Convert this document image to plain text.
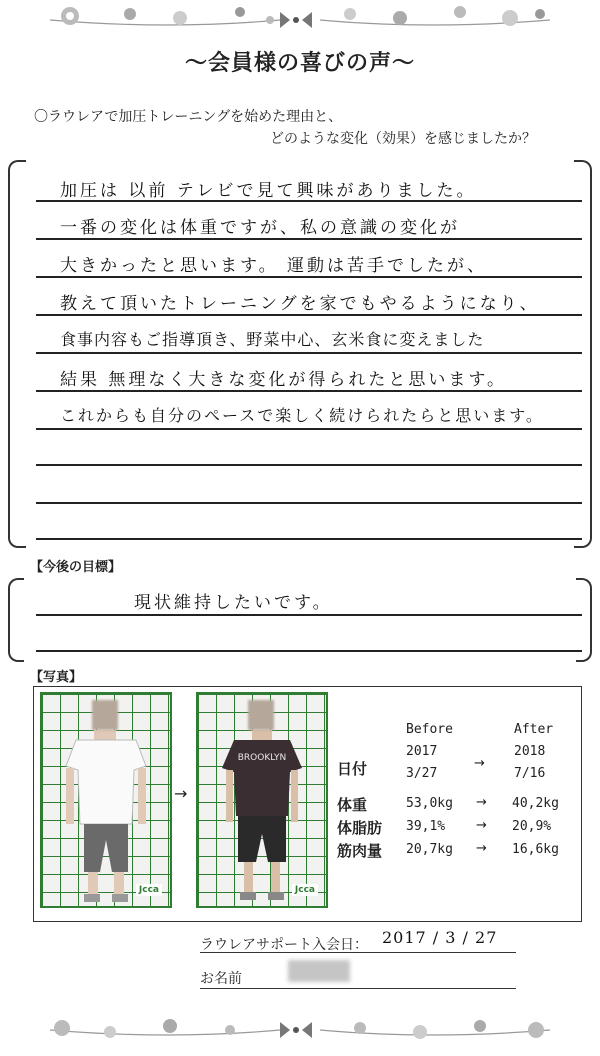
〜会員様の喜びの声〜
〇ラウレアで加圧トレーニングを始めた理由と、
どのような変化（効果）を感じましたか？
加圧は 以前 テレビで見て興味がありました。
一番の変化は体重ですが、私の意識の変化が
大きかったと思います。 運動は苦手でしたが、
教えて頂いたトレーニングを家でもやるようになり、
食事内容もご指導頂き、野菜中心、玄米食に変えました
結果 無理なく大きな変化が得られたと思います。
これからも自分のペースで楽しく続けられたらと思います。
【今後の目標】
現状維持したいです。
【写真】
Jcca
→
BROOKLYN
Jcca
Before	After
日付
2017
3/27
→
2018
7/16
体重	53,0kg → 40,2kg
体脂肪 39,1% → 20,9%
筋肉量 20,7kg → 16,6kg
ラウレアサポート入会日： 2017 / 3 / 27
お名前
